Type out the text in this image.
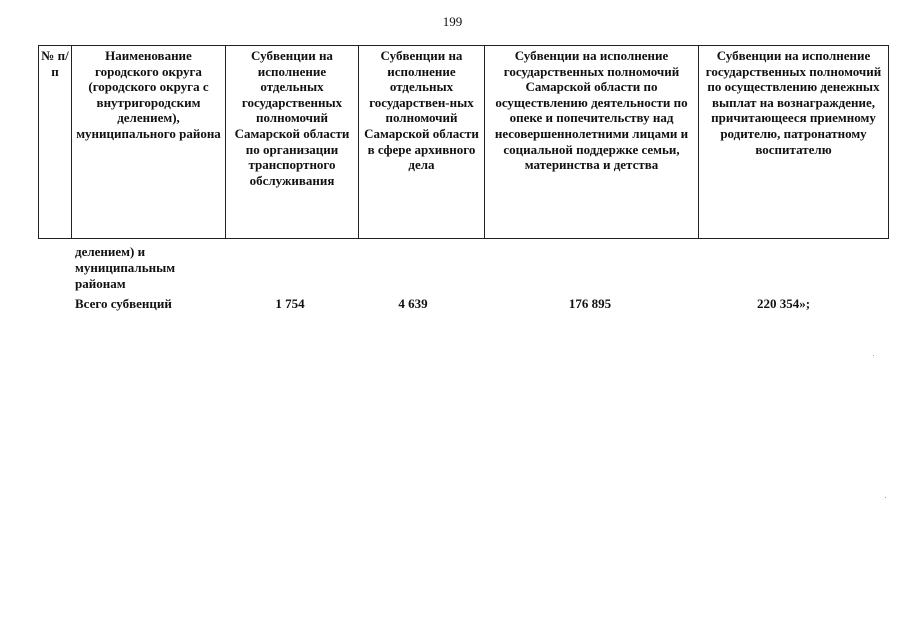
199
№ п/п	Наименование городского округа (городского округа с внутригородским делением), муниципального района	Субвенции на исполнение отдельных государственных полномочий Самарской области по организации транспортного обслуживания	Субвенции на исполнение отдельных государствен-ных полномочий Самарской области в сфере архивного дела	Субвенции на исполнение государственных полномочий Самарской области по осуществлению деятельности по опеке и попечительству над несовершеннолетними лицами и социальной поддержке семьи, материнства и детства	Субвенции на исполнение государственных полномочий по осуществлению денежных выплат на вознаграждение, причитающееся приемному родителю, патронатному воспитателю
делением) и муниципальным районам
Всего субвенций	1 754	4 639	176 895	220 354»;
